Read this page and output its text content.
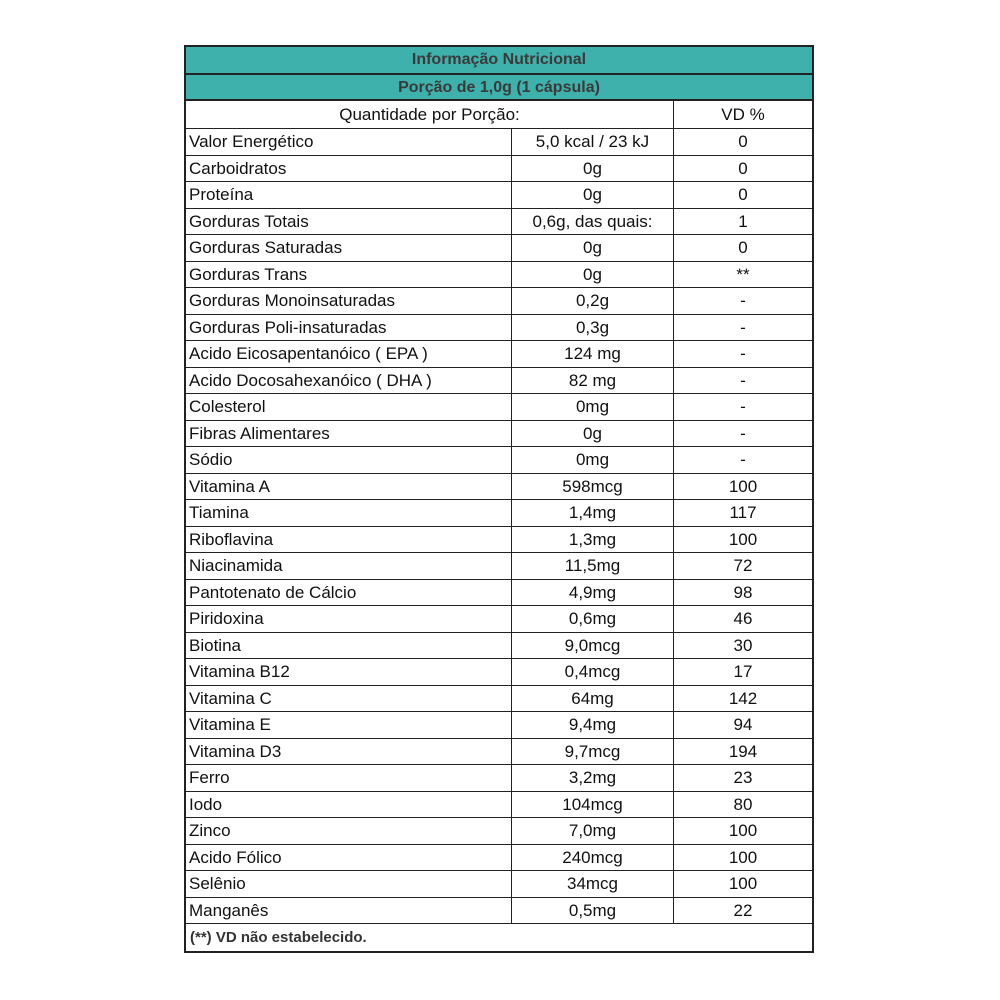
Informação Nutricional
Porção de 1,0g (1 cápsula)
Quantidade por Porção:	VD %
Valor Energético	5,0 kcal / 23 kJ	0
Carboidratos	0g	0
Proteína	0g	0
Gorduras Totais	0,6g, das quais:	1
Gorduras Saturadas	0g	0
Gorduras Trans	0g	**
Gorduras Monoinsaturadas	0,2g	-
Gorduras Poli-insaturadas	0,3g	-
Acido Eicosapentanóico ( EPA )	124 mg	-
Acido Docosahexanóico ( DHA )	82 mg	-
Colesterol	0mg	-
Fibras Alimentares	0g	-
Sódio	0mg	-
Vitamina A	598mcg	100
Tiamina	1,4mg	117
Riboflavina	1,3mg	100
Niacinamida	11,5mg	72
Pantotenato de Cálcio	4,9mg	98
Piridoxina	0,6mg	46
Biotina	9,0mcg	30
Vitamina B12	0,4mcg	17
Vitamina C	64mg	142
Vitamina E	9,4mg	94
Vitamina D3	9,7mcg	194
Ferro	3,2mg	23
Iodo	104mcg	80
Zinco	7,0mg	100
Acido Fólico	240mcg	100
Selênio	34mcg	100
Manganês	0,5mg	22
(**) VD não estabelecido.
